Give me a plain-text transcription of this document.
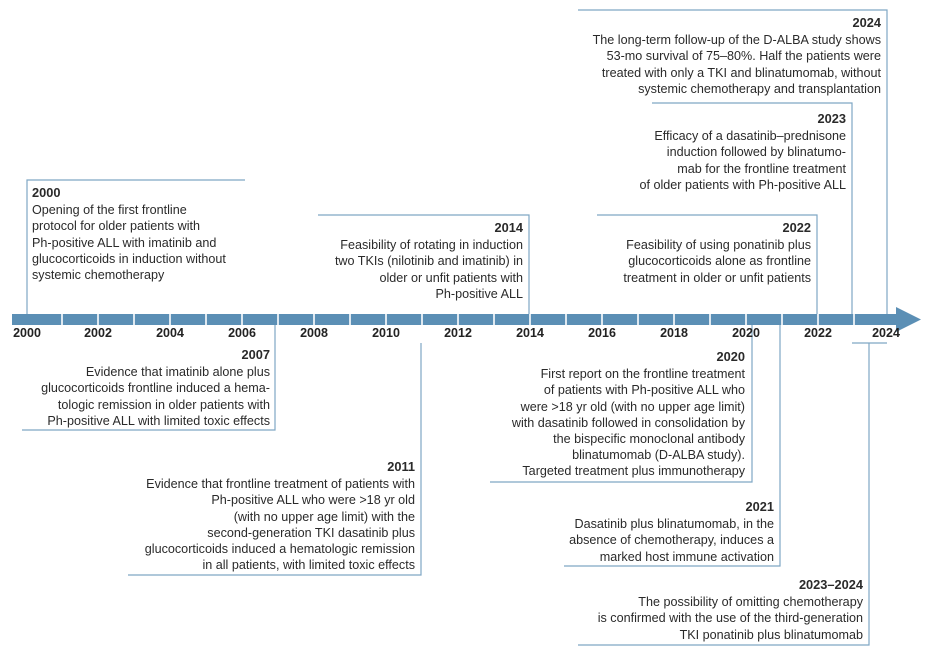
2000	2002	2004	2006	2008	2010	2012	2014	2016	2018	2020	2022	2024
2000
Opening of the first frontline
protocol for older patients with
Ph-positive ALL with imatinib and
glucocorticoids in induction without
systemic chemotherapy
2014
Feasibility of rotating in induction
two TKIs (nilotinib and imatinib) in
older or unfit patients with
Ph-positive ALL
2022
Feasibility of using ponatinib plus
glucocorticoids alone as frontline
treatment in older or unfit patients
2023
Efficacy of a dasatinib–prednisone
induction followed by blinatumo-
mab for the frontline treatment
of older patients with Ph-positive ALL
2024
The long-term follow-up of the D-ALBA study shows
53-mo survival of 75–80%. Half the patients were
treated with only a TKI and blinatumomab, without
systemic chemotherapy and transplantation
2007
Evidence that imatinib alone plus
glucocorticoids frontline induced a hema-
tologic remission in older patients with
Ph-positive ALL with limited toxic effects
2011
Evidence that frontline treatment of patients with
Ph-positive ALL who were >18 yr old
(with no upper age limit) with the
second-generation TKI dasatinib plus
glucocorticoids induced a hematologic remission
in all patients, with limited toxic effects
2020
First report on the frontline treatment
of patients with Ph-positive ALL who
were >18 yr old (with no upper age limit)
with dasatinib followed in consolidation by
the bispecific monoclonal antibody
blinatumomab (D-ALBA study).
Targeted treatment plus immunotherapy
2021
Dasatinib plus blinatumomab, in the
absence of chemotherapy, induces a
marked host immune activation
2023–2024
The possibility of omitting chemotherapy
is confirmed with the use of the third-generation
TKI ponatinib plus blinatumomab
